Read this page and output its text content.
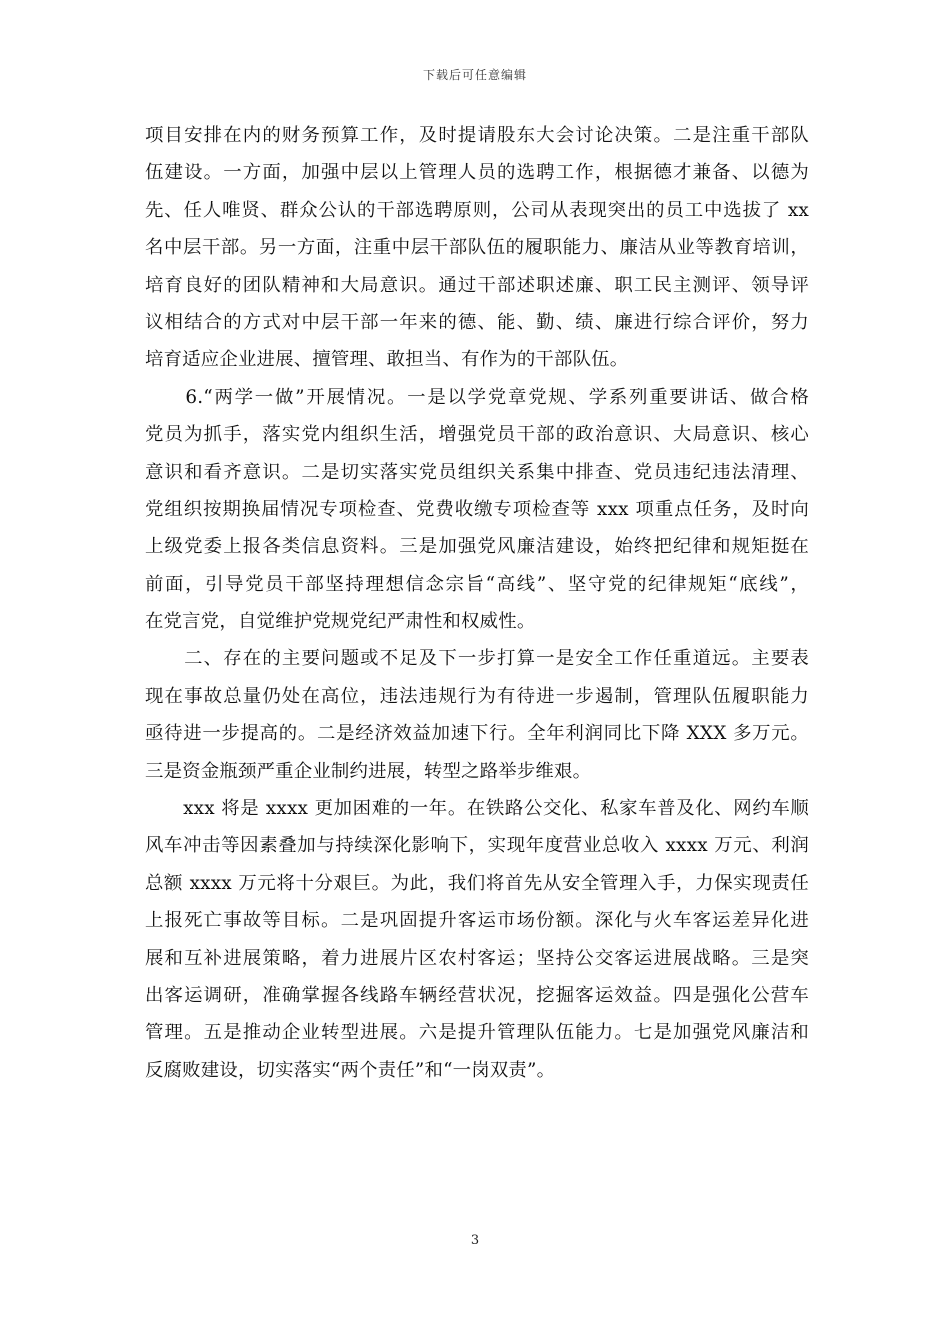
下载后可任意编辑
项目安排在内的财务预算工作，及时提请股东大会讨论决策。二是注重干部队
伍建设。一方面，加强中层以上管理人员的选聘工作，根据德才兼备、以德为
先、任人唯贤、群众公认的干部选聘原则，公司从表现突出的员工中选拔了 xx
名中层干部。另一方面，注重中层干部队伍的履职能力、廉洁从业等教育培训，
培育良好的团队精神和大局意识。通过干部述职述廉、职工民主测评、领导评
议相结合的方式对中层干部一年来的德、能、勤、绩、廉进行综合评价，努力
培育适应企业进展、擅管理、敢担当、有作为的干部队伍。
　　6.“两学一做”开展情况。一是以学党章党规、学系列重要讲话、做合格
党员为抓手，落实党内组织生活，增强党员干部的政治意识、大局意识、核心
意识和看齐意识。二是切实落实党员组织关系集中排查、党员违纪违法清理、
党组织按期换届情况专项检查、党费收缴专项检查等 xxx 项重点任务，及时向
上级党委上报各类信息资料。三是加强党风廉洁建设，始终把纪律和规矩挺在
前面，引导党员干部坚持理想信念宗旨“高线”、坚守党的纪律规矩“底线”，
在党言党，自觉维护党规党纪严肃性和权威性。
　　二、存在的主要问题或不足及下一步打算一是安全工作任重道远。主要表
现在事故总量仍处在高位，违法违规行为有待进一步遏制，管理队伍履职能力
亟待进一步提高的。二是经济效益加速下行。全年利润同比下降 XXX 多万元。
三是资金瓶颈严重企业制约进展，转型之路举步维艰。
　　xxx 将是 xxxx 更加困难的一年。在铁路公交化、私家车普及化、网约车顺
风车冲击等因素叠加与持续深化影响下，实现年度营业总收入 xxxx 万元、利润
总额 xxxx 万元将十分艰巨。为此，我们将首先从安全管理入手，力保实现责任
上报死亡事故等目标。二是巩固提升客运市场份额。深化与火车客运差异化进
展和互补进展策略，着力进展片区农村客运；坚持公交客运进展战略。三是突
出客运调研，准确掌握各线路车辆经营状况，挖掘客运效益。四是强化公营车
管理。五是推动企业转型进展。六是提升管理队伍能力。七是加强党风廉洁和
反腐败建设，切实落实“两个责任”和“一岗双责”。
3
